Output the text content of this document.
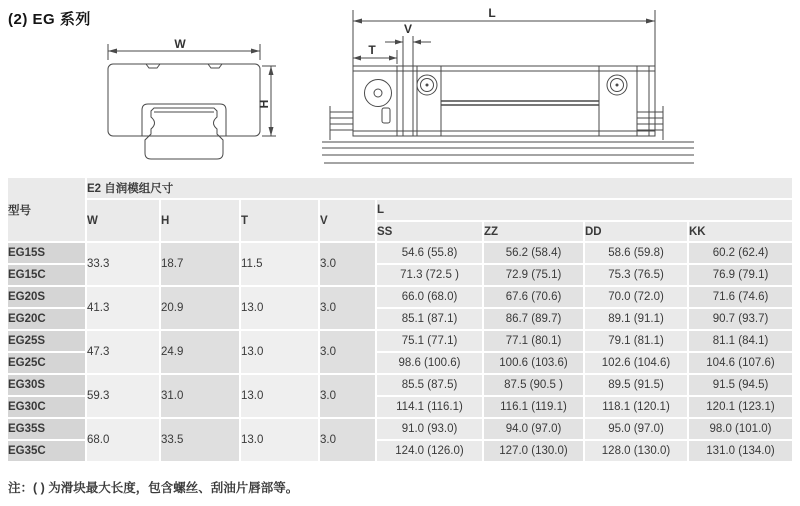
(2) EG 系列
W
H
L
V
T
型号	E2 自润模组尺寸							
	W	H	T	V	L			
					SS	ZZ	DD	KK
EG15S	33.3	18.7	11.5	3.0	54.6 (55.8)	56.2 (58.4)	58.6 (59.8)	60.2 (62.4)
EG15C					71.3 (72.5 )	72.9 (75.1)	75.3 (76.5)	76.9 (79.1)
EG20S	41.3	20.9	13.0	3.0	66.0 (68.0)	67.6 (70.6)	70.0 (72.0)	71.6 (74.6)
EG20C					85.1 (87.1)	86.7 (89.7)	89.1 (91.1)	90.7 (93.7)
EG25S	47.3	24.9	13.0	3.0	75.1 (77.1)	77.1 (80.1)	79.1 (81.1)	81.1 (84.1)
EG25C					98.6 (100.6)	100.6 (103.6)	102.6 (104.6)	104.6 (107.6)
EG30S	59.3	31.0	13.0	3.0	85.5 (87.5)	87.5 (90.5 )	89.5 (91.5)	91.5 (94.5)
EG30C					114.1 (116.1)	116.1 (119.1)	118.1 (120.1)	120.1 (123.1)
EG35S	68.0	33.5	13.0	3.0	91.0 (93.0)	94.0 (97.0)	95.0 (97.0)	98.0 (101.0)
EG35C					124.0 (126.0)	127.0 (130.0)	128.0 (130.0)	131.0 (134.0)
注：( ) 为滑块最大长度，包含螺丝、刮油片唇部等。
